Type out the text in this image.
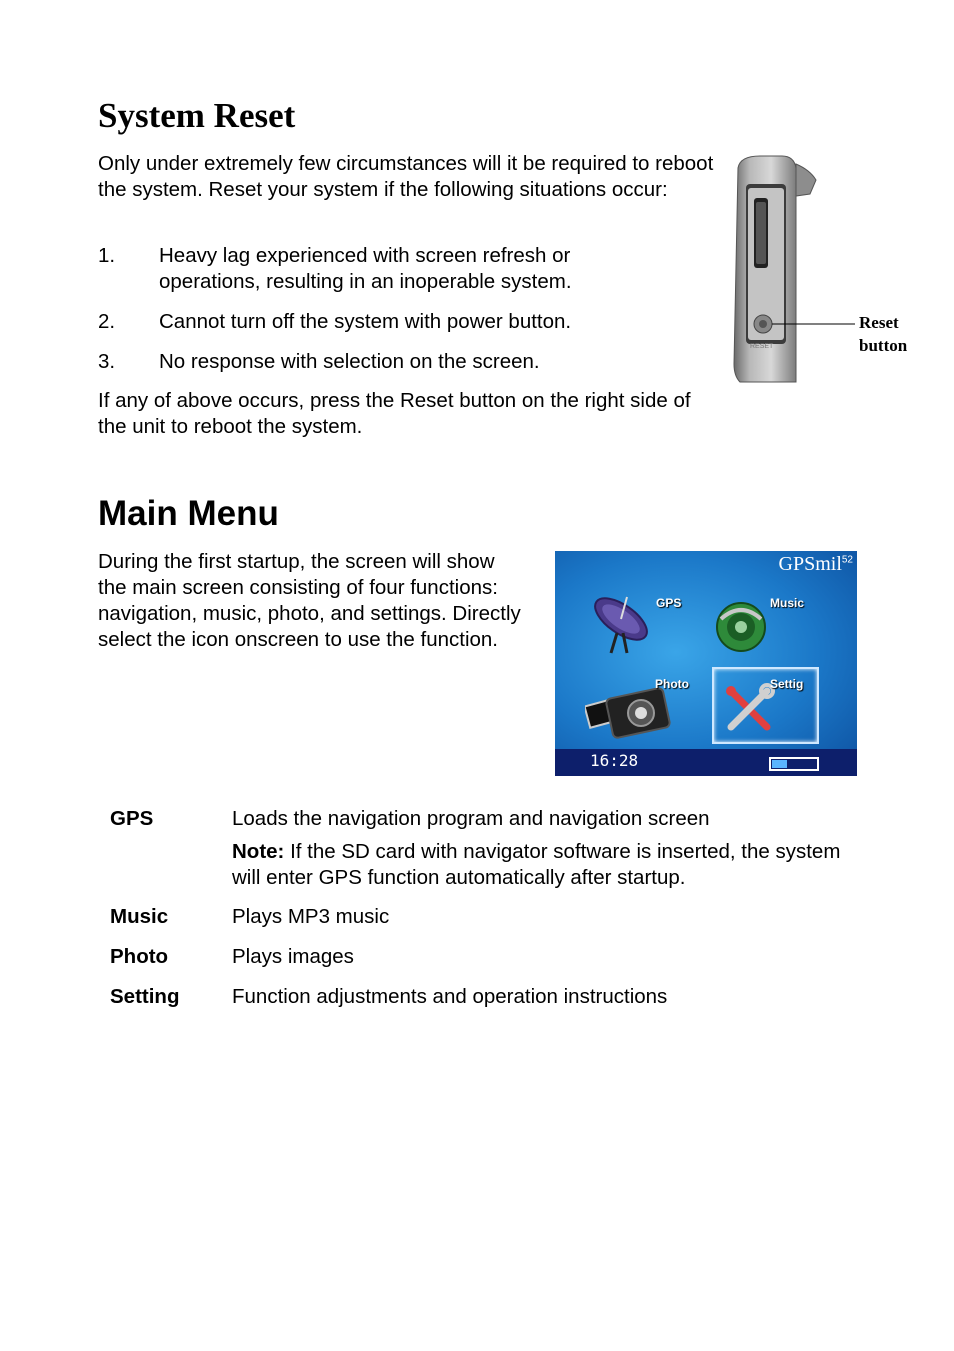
System Reset

Only under extremely few circumstances will it be required to reboot the system. Reset your system if the following situations occur:

1. Heavy lag experienced with screen refresh or operations, resulting in an inoperable system.

2. Cannot turn off the system with power button.

3. No response with selection on the screen.

If any of above occurs, press the Reset button on the right side of the unit to reboot the system.

RESET
Reset
button
Main Menu

During the first startup, the screen will show the main screen consisting of four functions: navigation, music, photo, and settings. Directly select the icon onscreen to use the function.

GPSmil$^{52}$
GPS	Music
Photo	Settig
16:28
GPS	Loads the navigation program and navigation screen

Note: If the SD card with navigator software is inserted, the system will enter GPS function automatically after startup.

Music	Plays MP3 music

Photo	Plays images

Setting	Function adjustments and operation instructions
